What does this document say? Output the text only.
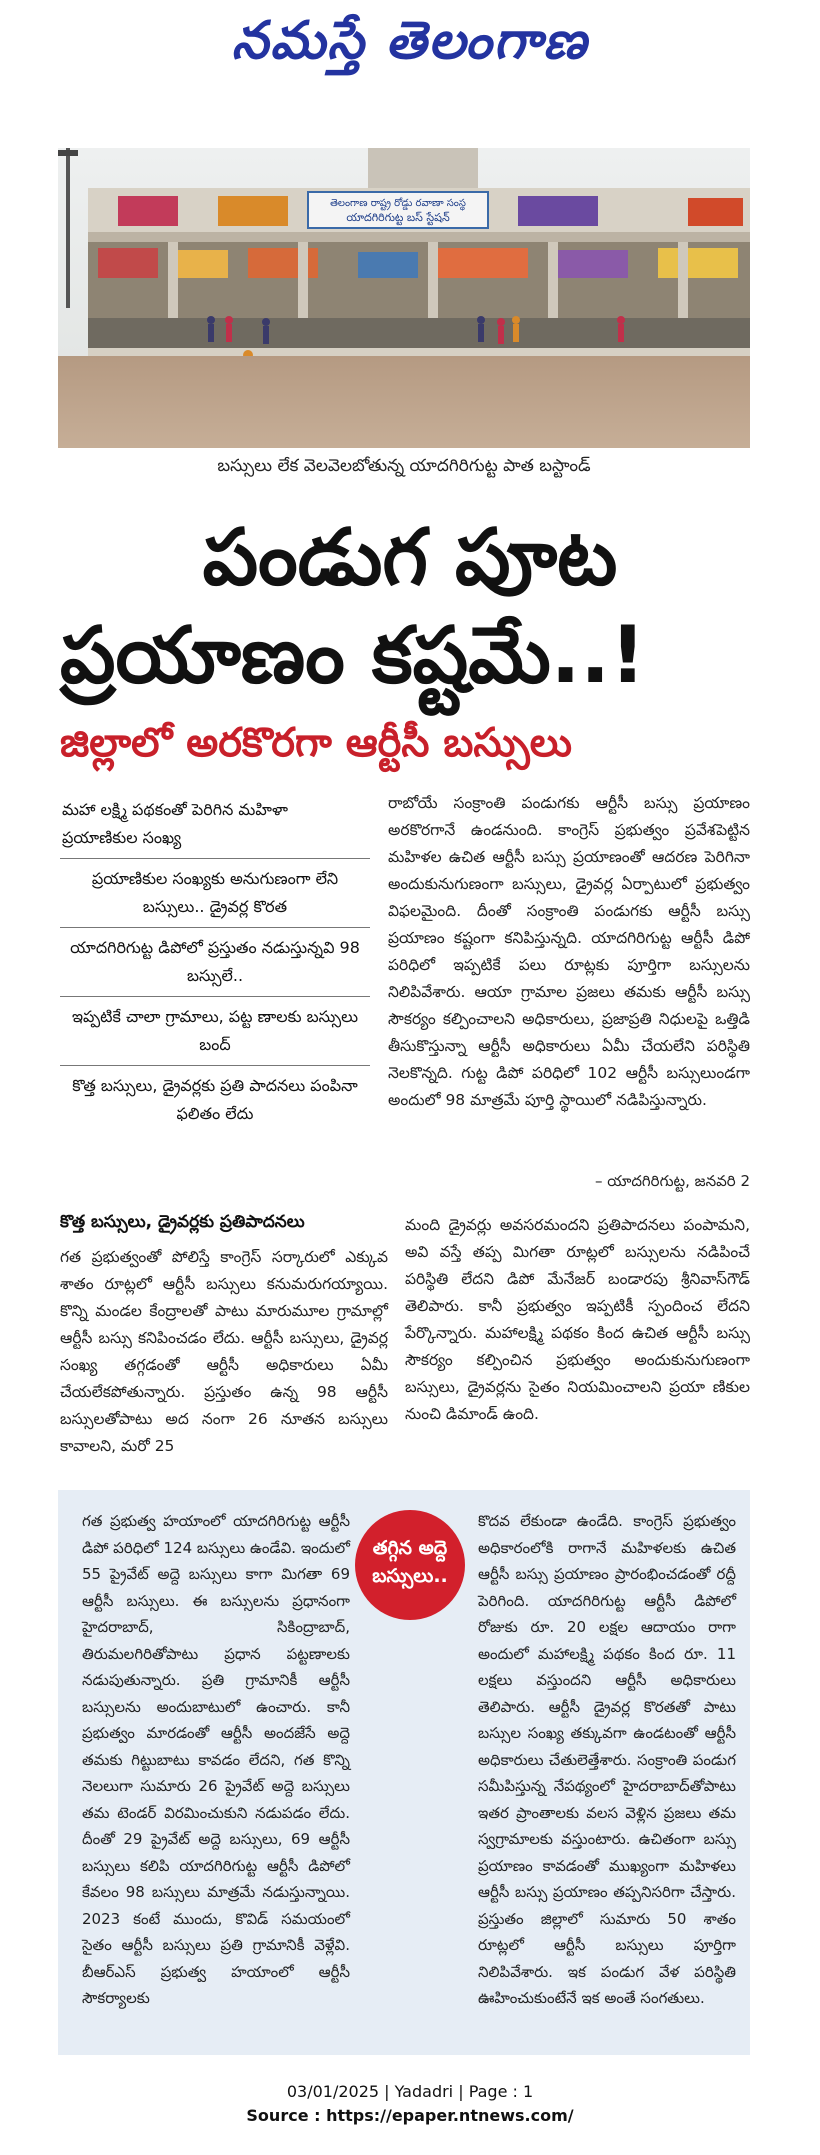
నమస్తే తెలంగాణ
తెలంగాణ రాష్ట్ర రోడ్డు రవాణా సంస్థ
యాదగిరిగుట్ట బస్ స్టేషన్
బస్సులు లేక వెలవెలబోతున్న యాదగిరిగుట్ట పాత బస్టాండ్
పండుగ పూట
ప్రయాణం కష్టమే..!
జిల్లాలో అరకొరగా ఆర్టీసీ బస్సులు
మహా లక్ష్మి పథకంతో పెరిగిన మహిళా ప్రయాణికుల సంఖ్య
ప్రయాణికుల సంఖ్యకు అనుగుణంగా లేని బస్సులు.. డ్రైవర్ల కొరత
యాదగిరిగుట్ట డిపోలో ప్రస్తుతం నడుస్తున్నవి 98 బస్సులే..
ఇప్పటికే చాలా గ్రామాలు, పట్ట ణాలకు బస్సులు బంద్
కొత్త బస్సులు, డ్రైవర్లకు ప్రతి పాదనలు పంపినా ఫలితం లేదు
రాబోయే సంక్రాంతి పండుగకు ఆర్టీసీ బస్సు ప్రయాణం అరకొరగానే ఉండనుంది. కాంగ్రెస్ ప్రభుత్వం ప్రవేశపెట్టిన మహిళల ఉచిత ఆర్టీసీ బస్సు ప్రయాణంతో ఆదరణ పెరిగినా అందుకునుగుణంగా బస్సులు, డ్రైవర్ల ఏర్పాటులో ప్రభుత్వం విఫలమైంది. దీంతో సంక్రాంతి పండుగకు ఆర్టీసీ బస్సు ప్రయాణం కష్టంగా కనిపిస్తున్నది. యాదగిరిగుట్ట ఆర్టీసీ డిపో పరిధిలో ఇప్పటికే పలు రూట్లకు పూర్తిగా బస్సులను నిలిపివేశారు. ఆయా గ్రామాల ప్రజలు తమకు ఆర్టీసీ బస్సు సౌకర్యం కల్పించాలని అధికారులు, ప్రజాప్రతి నిధులపై ఒత్తిడి తీసుకొస్తున్నా ఆర్టీసీ అధికారులు ఏమీ చేయలేని పరిస్థితి నెలకొన్నది. గుట్ట డిపో పరిధిలో 102 ఆర్టీసీ బస్సులుండగా అందులో 98 మాత్రమే పూర్తి స్థాయిలో నడిపిస్తున్నారు.
– యాదగిరిగుట్ట, జనవరి 2
కొత్త బస్సులు, డ్రైవర్లకు ప్రతిపాదనలు
గత ప్రభుత్వంతో పోలిస్తే కాంగ్రెస్ సర్కారులో ఎక్కువ శాతం రూట్లలో ఆర్టీసీ బస్సులు కనుమరుగయ్యాయి. కొన్ని మండల కేంద్రాలతో పాటు మారుమూల గ్రామాల్లో ఆర్టీసీ బస్సు కనిపించడం లేదు. ఆర్టీసీ బస్సులు, డ్రైవర్ల సంఖ్య తగ్గడంతో ఆర్టీసీ అధికారులు ఏమీ చేయలేకపోతున్నారు. ప్రస్తుతం ఉన్న 98 ఆర్టీసీ బస్సులతోపాటు అద నంగా 26 నూతన బస్సులు కావాలని, మరో 25
మంది డ్రైవర్లు అవసరమందని ప్రతిపాదనలు పంపామని, అవి వస్తే తప్ప మిగతా రూట్లలో బస్సులను నడిపించే పరిస్థితి లేదని డిపో మేనేజర్ బండారపు శ్రీనివాస్‌గౌడ్ తెలిపారు. కానీ ప్రభుత్వం ఇప్పటికీ స్పందించ లేదని పేర్కొన్నారు. మహాలక్ష్మి పథకం కింద ఉచిత ఆర్టీసీ బస్సు సౌకర్యం కల్పించిన ప్రభుత్వం అందుకునుగుణంగా బస్సులు, డ్రైవర్లను సైతం నియమించాలని ప్రయా ణికుల నుంచి డిమాండ్ ఉంది.
తగ్గిన అద్దె
బస్సులు..
గత ప్రభుత్వ హయాంలో యాదగిరిగుట్ట ఆర్టీసీ డిపో పరిధిలో 124 బస్సులు ఉండేవి. ఇందులో 55 ప్రైవేట్ అద్దె బస్సులు కాగా మిగతా 69 ఆర్టీసీ బస్సులు. ఈ బస్సులను ప్రధానంగా హైదరాబాద్, సికింద్రాబాద్, తిరుమలగిరితోపాటు ప్రధాన పట్టణాలకు నడుపుతున్నారు. ప్రతి గ్రామానికీ ఆర్టీసీ బస్సులను అందుబాటులో ఉంచారు. కానీ ప్రభుత్వం మారడంతో ఆర్టీసీ అందజేసే అద్దె తమకు గిట్టుబాటు కావడం లేదని, గత కొన్ని నెలలుగా సుమారు 26 ప్రైవేట్ అద్దె బస్సులు తమ టెండర్ విరమించుకుని నడుపడం లేదు. దీంతో 29 ప్రైవేట్ అద్దె బస్సులు, 69 ఆర్టీసీ బస్సులు కలిపి యాదగిరిగుట్ట ఆర్టీసీ డిపోలో కేవలం 98 బస్సులు మాత్రమే నడుస్తున్నాయి. 2023 కంటే ముందు, కొవిడ్ సమయంలో సైతం ఆర్టీసీ బస్సులు ప్రతి గ్రామానికీ వెళ్లేవి. బీఆర్ఎస్ ప్రభుత్వ హయాంలో ఆర్టీసీ సౌకర్యాలకు
కొదవ లేకుండా ఉండేది. కాంగ్రెస్ ప్రభుత్వం అధికారంలోకి రాగానే మహిళలకు ఉచిత ఆర్టీసీ బస్సు ప్రయాణం ప్రారంభించడంతో రద్దీ పెరిగింది. యాదగిరిగుట్ట ఆర్టీసీ డిపోలో రోజుకు రూ. 20 లక్షల ఆదాయం రాగా అందులో మహాలక్ష్మి పథకం కింద రూ. 11 లక్షలు వస్తుందని ఆర్టీసీ అధికారులు తెలిపారు. ఆర్టీసీ డ్రైవర్ల కొరతతో పాటు బస్సుల సంఖ్య తక్కువగా ఉండటంతో ఆర్టీసీ అధికారులు చేతులెత్తేశారు. సంక్రాంతి పండుగ సమీపిస్తున్న నేపథ్యంలో హైదరాబాద్‌తోపాటు ఇతర ప్రాంతాలకు వలస వెళ్లిన ప్రజలు తమ స్వగ్రామాలకు వస్తుంటారు. ఉచితంగా బస్సు ప్రయాణం కావడంతో ముఖ్యంగా మహిళలు ఆర్టీసీ బస్సు ప్రయాణం తప్పనిసరిగా చేస్తారు. ప్రస్తుతం జిల్లాలో సుమారు 50 శాతం రూట్లలో ఆర్టీసీ బస్సులు పూర్తిగా నిలిపివేశారు. ఇక పండుగ వేళ పరిస్థితి ఊహించుకుంటేనే ఇక అంతే సంగతులు.
03/01/2025 | Yadadri | Page : 1
Source : https://epaper.ntnews.com/
